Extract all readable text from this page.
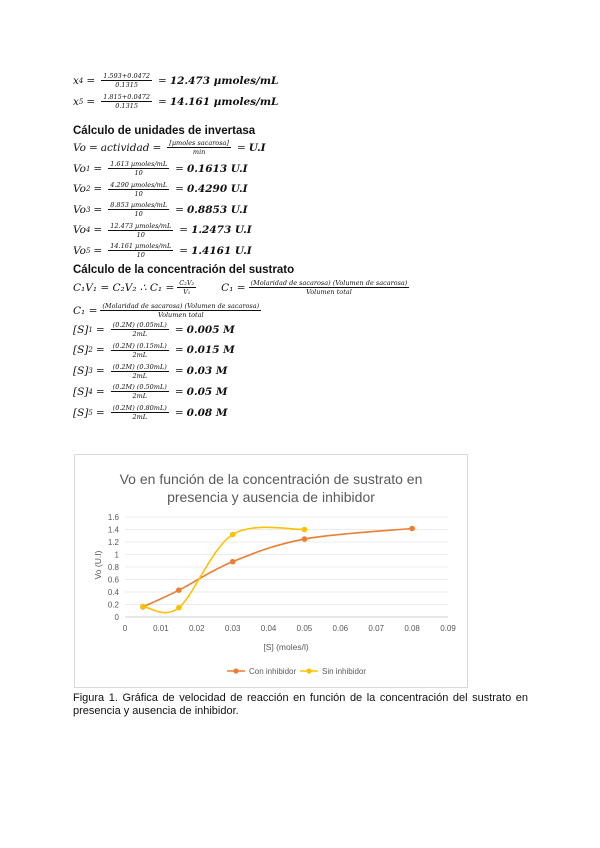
x $4 = \frac{1.593+0.0472}{0.1315} = 12.473$ µmoles/mL
x $5 = \frac{1.815+0.0472}{0.1315} = 14.161$ µmoles/mL
Cálculo de unidades de invertasa
Vo = actividad = $\frac{\text{[µmoles sacarosa]}}{\min} = U.I$
Vo $1 = \frac{\text{1.613 µmoles/mL}}{10} = 0.1613$ U.I
Vo $2 = \frac{\text{4.290 µmoles/mL}}{10} = 0.4290$ U.I
Vo $3 = \frac{\text{8.853 µmoles/mL}}{10} = 0.8853$ U.I
Vo $4 = \frac{\text{12.473 µmoles/mL}}{10} = 1.2473$ U.I
Vo $5 = \frac{\text{14.161 µmoles/mL}}{10} = 1.4161$ U.I
Cálculo de la concentración del sustrato
C₁V₁ = C₂V₂ ∴ $C_1 = \frac{\text{C₂V₂}}{\text{V₁}} C_1 = \frac{\text{(Molaridad de sacarosa) (Volumen de sacarosa)}}{\text{Volumen total}}$
$C_1 = \frac{\text{(Molaridad de sacarosa) (Volumen de sacarosa)}}{\text{Volumen total}}$
[S] $1 = \frac{(0.2M) (0.05mL)}{2mL} = 0.005$ M
[S] $2 = \frac{(0.2M) (0.15mL)}{2mL} = 0.015$ M
[S] $3 = \frac{(0.2M) (0.30mL)}{2mL} = 0.03$ M
[S] $4 = \frac{(0.2M) (0.50mL)}{2mL} = 0.05$ M
[S] $5 = \frac{(0.2M) (0.80mL)}{2mL} = 0.08$ M
Vo en función de la concentración de sustrato en
presencia y ausencia de inhibidor
0
0.2
0.4
0.6
0.8
1
1.2
1.4
1.6
0	0.01	0.02	0.03	0.04	0.05	0.06	0.07	0.08	0.09
[S] (moles/l)
Vo (U.I)
Con inhibidor	Sin inhibidor
Figura 1. Gráfica de velocidad de reacción en función de la concentración del sustrato en presencia y ausencia de inhibidor.
